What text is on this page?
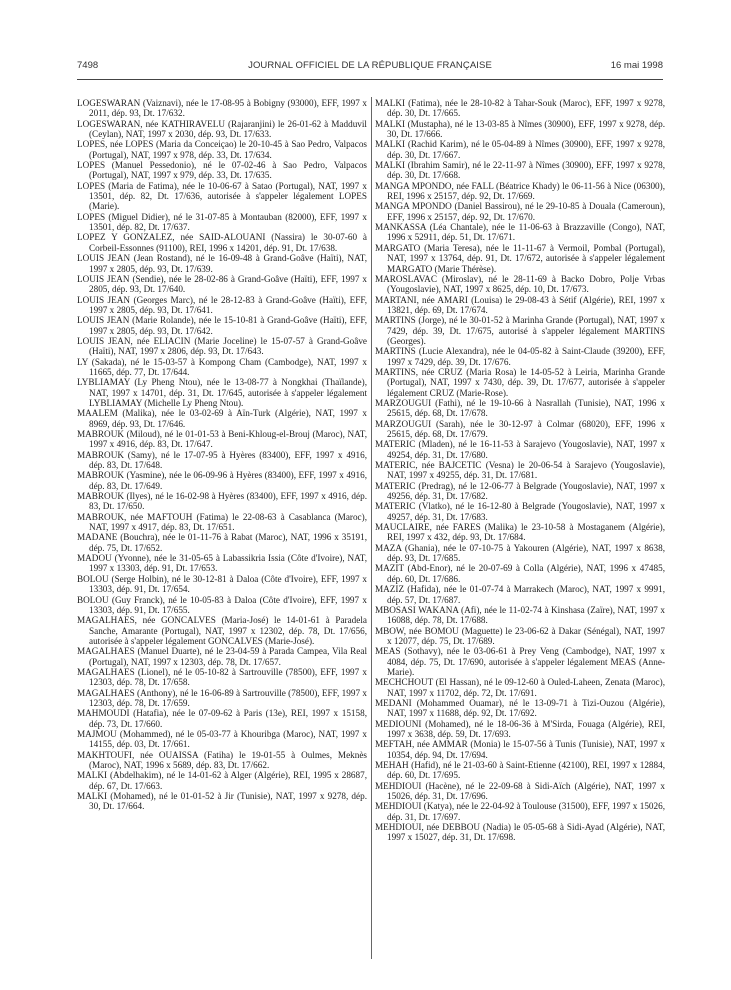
7498	JOURNAL OFFICIEL DE LA RÉPUBLIQUE FRANÇAISE	16 mai 1998

LOGESWARAN (Vaiznavi), née le 17-08-95 à Bobigny (93000), EFF, 1997 x 2011, dép. 93, Dt. 17/632.

LOGESWARAN, née KATHIRAVELU (Rajaranjini) le 26-01-62 à Madduvil (Ceylan), NAT, 1997 x 2030, dép. 93, Dt. 17/633.

LOPES, née LOPES (Maria da Conceiçao) le 20-10-45 à Sao Pedro, Valpacos (Portugal), NAT, 1997 x 978, dép. 33, Dt. 17/634.

LOPES (Manuel Pessedonio), né le 07-02-46 à Sao Pedro, Valpacos (Portugal), NAT, 1997 x 979, dép. 33, Dt. 17/635.

LOPES (Maria de Fatima), née le 10-06-67 à Satao (Portugal), NAT, 1997 x 13501, dép. 82, Dt. 17/636, autorisée à s'appeler légalement LOPES (Marie).

LOPES (Miguel Didier), né le 31-07-85 à Montauban (82000), EFF, 1997 x 13501, dép. 82, Dt. 17/637.

LOPEZ Y GONZALEZ, née SAID-ALOUANI (Nassira) le 30-07-60 à Corbeil-Essonnes (91100), REI, 1996 x 14201, dép. 91, Dt. 17/638.

LOUIS JEAN (Jean Rostand), né le 16-09-48 à Grand-Goâve (Haïti), NAT, 1997 x 2805, dép. 93, Dt. 17/639.

LOUIS JEAN (Sendie), née le 28-02-86 à Grand-Goâve (Haïti), EFF, 1997 x 2805, dép. 93, Dt. 17/640.

LOUIS JEAN (Georges Marc), né le 28-12-83 à Grand-Goâve (Haïti), EFF, 1997 x 2805, dép. 93, Dt. 17/641.

LOUIS JEAN (Marie Rolande), née le 15-10-81 à Grand-Goâve (Haïti), EFF, 1997 x 2805, dép. 93, Dt. 17/642.

LOUIS JEAN, née ELIACIN (Marie Joceline) le 15-07-57 à Grand-Goâve (Haïti), NAT, 1997 x 2806, dép. 93, Dt. 17/643.

LY (Sakada), né le 15-03-57 à Kompong Cham (Cambodge), NAT, 1997 x 11665, dép. 77, Dt. 17/644.

LYBLIAMAY (Ly Pheng Ntou), née le 13-08-77 à Nongkhai (Thaïlande), NAT, 1997 x 14701, dép. 31, Dt. 17/645, autorisée à s'appeler légalement LYBLIAMAY (Michelle Ly Pheng Ntou).

MAALEM (Malika), née le 03-02-69 à Aïn-Turk (Algérie), NAT, 1997 x 8969, dép. 93, Dt. 17/646.

MABROUK (Miloud), né le 01-01-53 à Beni-Khloug-el-Brouj (Maroc), NAT, 1997 x 4916, dép. 83, Dt. 17/647.

MABROUK (Samy), né le 17-07-95 à Hyères (83400), EFF, 1997 x 4916, dép. 83, Dt. 17/648.

MABROUK (Yasmine), née le 06-09-96 à Hyères (83400), EFF, 1997 x 4916, dép. 83, Dt. 17/649.

MABROUK (Ilyes), né le 16-02-98 à Hyères (83400), EFF, 1997 x 4916, dép. 83, Dt. 17/650.

MABROUK, née MAFTOUH (Fatima) le 22-08-63 à Casablanca (Maroc), NAT, 1997 x 4917, dép. 83, Dt. 17/651.

MADANE (Bouchra), née le 01-11-76 à Rabat (Maroc), NAT, 1996 x 35191, dép. 75, Dt. 17/652.

MADOU (Yvonne), née le 31-05-65 à Labassikria Issia (Côte d'Ivoire), NAT, 1997 x 13303, dép. 91, Dt. 17/653.

BOLOU (Serge Holbin), né le 30-12-81 à Daloa (Côte d'Ivoire), EFF, 1997 x 13303, dép. 91, Dt. 17/654.

BOLOU (Guy Franck), né le 10-05-83 à Daloa (Côte d'Ivoire), EFF, 1997 x 13303, dép. 91, Dt. 17/655.

MAGALHAES, née GONCALVES (Maria-José) le 14-01-61 à Paradela Sanche, Amarante (Portugal), NAT, 1997 x 12302, dép. 78, Dt. 17/656, autorisée à s'appeler légalement GONCALVES (Marie-José).

MAGALHAES (Manuel Duarte), né le 23-04-59 à Parada Campea, Vila Real (Portugal), NAT, 1997 x 12303, dép. 78, Dt. 17/657.

MAGALHAES (Lionel), né le 05-10-82 à Sartrouville (78500), EFF, 1997 x 12303, dép. 78, Dt. 17/658.

MAGALHAES (Anthony), né le 16-06-89 à Sartrouville (78500), EFF, 1997 x 12303, dép. 78, Dt. 17/659.

MAHMOUDI (Hatafia), née le 07-09-62 à Paris (13e), REI, 1997 x 15158, dép. 73, Dt. 17/660.

MAJMOU (Mohammed), né le 05-03-77 à Khouribga (Maroc), NAT, 1997 x 14155, dép. 03, Dt. 17/661.

MAKHTOUFI, née OUAISSA (Fatiha) le 19-01-55 à Oulmes, Meknès (Maroc), NAT, 1996 x 5689, dép. 83, Dt. 17/662.

MALKI (Abdelhakim), né le 14-01-62 à Alger (Algérie), REI, 1995 x 28687, dép. 67, Dt. 17/663.

MALKI (Mohamed), né le 01-01-52 à Jir (Tunisie), NAT, 1997 x 9278, dép. 30, Dt. 17/664.

MALKI (Fatima), née le 28-10-82 à Tahar-Souk (Maroc), EFF, 1997 x 9278, dép. 30, Dt. 17/665.

MALKI (Mustapha), né le 13-03-85 à Nîmes (30900), EFF, 1997 x 9278, dép. 30, Dt. 17/666.

MALKI (Rachid Karim), né le 05-04-89 à Nîmes (30900), EFF, 1997 x 9278, dép. 30, Dt. 17/667.

MALKI (Ibrahim Samir), né le 22-11-97 à Nîmes (30900), EFF, 1997 x 9278, dép. 30, Dt. 17/668.

MANGA MPONDO, née FALL (Béatrice Khady) le 06-11-56 à Nice (06300), REI, 1996 x 25157, dép. 92, Dt. 17/669.

MANGA MPONDO (Daniel Bassirou), né le 29-10-85 à Douala (Cameroun), EFF, 1996 x 25157, dép. 92, Dt. 17/670.

MANKASSA (Léa Chantale), née le 11-06-63 à Brazzaville (Congo), NAT, 1996 x 52911, dép. 51, Dt. 17/671.

MARGATO (Maria Teresa), née le 11-11-67 à Vermoil, Pombal (Portugal), NAT, 1997 x 13764, dép. 91, Dt. 17/672, autorisée à s'appeler légalement MARGATO (Marie Thérèse).

MAROSLAVAC (Miroslav), né le 28-11-69 à Backo Dobro, Polje Vrbas (Yougoslavie), NAT, 1997 x 8625, dép. 10, Dt. 17/673.

MARTANI, née AMARI (Louisa) le 29-08-43 à Sétif (Algérie), REI, 1997 x 13821, dép. 69, Dt. 17/674.

MARTINS (Jorge), né le 30-01-52 à Marinha Grande (Portugal), NAT, 1997 x 7429, dép. 39, Dt. 17/675, autorisé à s'appeler légalement MARTINS (Georges).

MARTINS (Lucie Alexandra), née le 04-05-82 à Saint-Claude (39200), EFF, 1997 x 7429, dép. 39, Dt. 17/676.

MARTINS, née CRUZ (Maria Rosa) le 14-05-52 à Leiria, Marinha Grande (Portugal), NAT, 1997 x 7430, dép. 39, Dt. 17/677, autorisée à s'appeler légalement CRUZ (Marie-Rose).

MARZOUGUI (Fathi), né le 19-10-66 à Nasrallah (Tunisie), NAT, 1996 x 25615, dép. 68, Dt. 17/678.

MARZOUGUI (Sarah), née le 30-12-97 à Colmar (68020), EFF, 1996 x 25615, dép. 68, Dt. 17/679.

MATERIC (Mladen), né le 16-11-53 à Sarajevo (Yougoslavie), NAT, 1997 x 49254, dép. 31, Dt. 17/680.

MATERIC, née BAJCETIC (Vesna) le 20-06-54 à Sarajevo (Yougoslavie), NAT, 1997 x 49255, dép. 31, Dt. 17/681.

MATERIC (Predrag), né le 12-06-77 à Belgrade (Yougoslavie), NAT, 1997 x 49256, dép. 31, Dt. 17/682.

MATERIC (Vlatko), né le 16-12-80 à Belgrade (Yougoslavie), NAT, 1997 x 49257, dép. 31, Dt. 17/683.

MAUCLAIRE, née FARES (Malika) le 23-10-58 à Mostaganem (Algérie), REI, 1997 x 432, dép. 93, Dt. 17/684.

MAZA (Ghania), née le 07-10-75 à Yakouren (Algérie), NAT, 1997 x 8638, dép. 93, Dt. 17/685.

MAZIT (Abd-Enor), né le 20-07-69 à Colla (Algérie), NAT, 1996 x 47485, dép. 60, Dt. 17/686.

MAZIZ (Hafida), née le 01-07-74 à Marrakech (Maroc), NAT, 1997 x 9991, dép. 57, Dt. 17/687.

MBOSASI WAKANA (Afi), née le 11-02-74 à Kinshasa (Zaïre), NAT, 1997 x 16088, dép. 78, Dt. 17/688.

MBOW, née BOMOU (Maguette) le 23-06-62 à Dakar (Sénégal), NAT, 1997 x 12077, dép. 75, Dt. 17/689.

MEAS (Sothavy), née le 03-06-61 à Prey Veng (Cambodge), NAT, 1997 x 4084, dép. 75, Dt. 17/690, autorisée à s'appeler légalement MEAS (Anne-Marie).

MECHCHOUT (El Hassan), né le 09-12-60 à Ouled-Laheen, Zenata (Maroc), NAT, 1997 x 11702, dép. 72, Dt. 17/691.

MEDANI (Mohammed Ouamar), né le 13-09-71 à Tizi-Ouzou (Algérie), NAT, 1997 x 11688, dép. 92, Dt. 17/692.

MEDIOUNI (Mohamed), né le 18-06-36 à M'Sirda, Fouaga (Algérie), REI, 1997 x 3638, dép. 59, Dt. 17/693.

MEFTAH, née AMMAR (Monia) le 15-07-56 à Tunis (Tunisie), NAT, 1997 x 10354, dép. 94, Dt. 17/694.

MEHAH (Hafid), né le 21-03-60 à Saint-Etienne (42100), REI, 1997 x 12884, dép. 60, Dt. 17/695.

MEHDIOUI (Hacène), né le 22-09-68 à Sidi-Aïch (Algérie), NAT, 1997 x 15026, dép. 31, Dt. 17/696.

MEHDIOUI (Katya), née le 22-04-92 à Toulouse (31500), EFF, 1997 x 15026, dép. 31, Dt. 17/697.

MEHDIOUI, née DEBBOU (Nadia) le 05-05-68 à Sidi-Ayad (Algérie), NAT, 1997 x 15027, dép. 31, Dt. 17/698.
